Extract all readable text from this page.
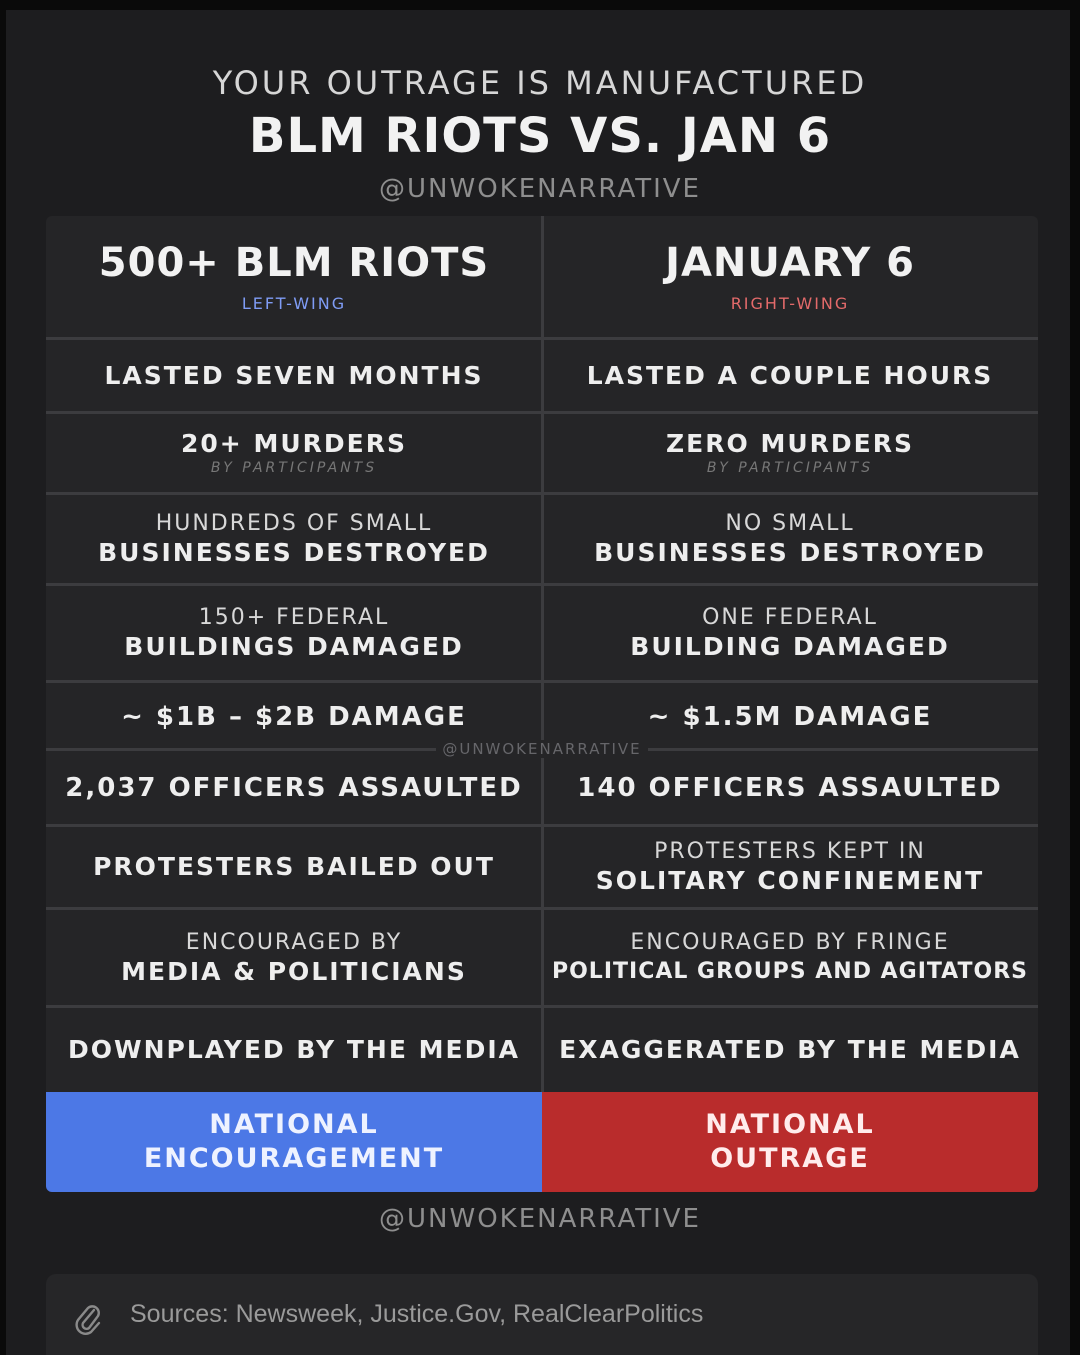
YOUR OUTRAGE IS MANUFACTURED
BLM RIOTS VS. JAN 6
@UNWOKENARRATIVE
500+ BLM RIOTS
LEFT-WING
JANUARY 6
RIGHT-WING
LASTED SEVEN MONTHS	LASTED A COUPLE HOURS
20+ MURDERS
BY PARTICIPANTS
ZERO MURDERS
BY PARTICIPANTS
HUNDREDS OF SMALL
BUSINESSES DESTROYED
NO SMALL
BUSINESSES DESTROYED
150+ FEDERAL
BUILDINGS DAMAGED
ONE FEDERAL
BUILDING DAMAGED
~ $1B – $2B DAMAGE	~ $1.5M DAMAGE
@UNWOKENARRATIVE
2,037 OFFICERS ASSAULTED 140 OFFICERS ASSAULTED
PROTESTERS BAILED OUT
PROTESTERS KEPT IN
SOLITARY CONFINEMENT
ENCOURAGED BY
MEDIA & POLITICIANS
ENCOURAGED BY FRINGE
POLITICAL GROUPS AND AGITATORS
DOWNPLAYED BY THE MEDIA EXAGGERATED BY THE MEDIA
NATIONAL
ENCOURAGEMENT
NATIONAL
OUTRAGE
@UNWOKENARRATIVE
Sources: Newsweek, Justice.Gov, RealClearPolitics
